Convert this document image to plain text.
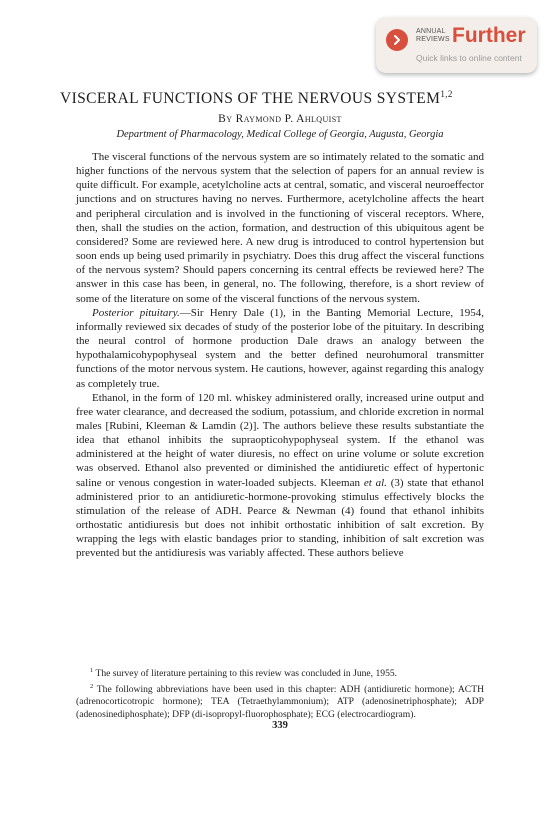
ANNUAL
REVIEWS Further
Quick links to online content
VISCERAL FUNCTIONS OF THE NERVOUS SYSTEM$^{1,2}$
By Raymond P. Ahlquist
Department of Pharmacology, Medical College of Georgia, Augusta, Georgia

The visceral functions of the nervous system are so intimately related to the somatic and higher functions of the nervous system that the selection of papers for an annual review is quite difficult. For example, acetylcholine acts at central, somatic, and visceral neuroeffector junctions and on structures having no nerves. Furthermore, acetylcholine affects the heart and peripheral circulation and is involved in the functioning of visceral receptors. Where, then, shall the studies on the action, formation, and destruction of this ubiquitous agent be considered? Some are reviewed here. A new drug is introduced to control hypertension but soon ends up being used primarily in psychiatry. Does this drug affect the visceral functions of the nervous system? Should papers concerning its central effects be reviewed here? The answer in this case has been, in general, no. The following, therefore, is a short review of some of the literature on some of the visceral functions of the nervous system.

Posterior pituitary.—Sir Henry Dale (1), in the Banting Memorial Lecture, 1954, informally reviewed six decades of study of the posterior lobe of the pituitary. In describing the neural control of hormone production Dale draws an analogy between the hypothalamicohypophyseal system and the better defined neurohumoral transmitter functions of the motor nervous system. He cautions, however, against regarding this analogy as completely true.

Ethanol, in the form of 120 ml. whiskey administered orally, increased urine output and free water clearance, and decreased the sodium, potassium, and chloride excretion in normal males [Rubini, Kleeman & Lamdin (2)]. The authors believe these results substantiate the idea that ethanol inhibits the supraopticohypophyseal system. If the ethanol was administered at the height of water diuresis, no effect on urine volume or solute excretion was observed. Ethanol also prevented or diminished the antidiuretic effect of hypertonic saline or venous congestion in water-loaded subjects. Kleeman et al. (3) state that ethanol administered prior to an antidiuretic-hormone-provoking stimulus effectively blocks the stimulation of the release of ADH. Pearce & Newman (4) found that ethanol inhibits orthostatic antidiuresis but does not inhibit orthostatic inhibition of salt excretion. By wrapping the legs with elastic bandages prior to standing, inhibition of salt excretion was prevented but the antidiuresis was variably affected. These authors believe

$^1$ The survey of literature pertaining to this review was concluded in June, 1955.

$^2$ The following abbreviations have been used in this chapter: ADH (antidiuretic hormone); ACTH (adrenocorticotropic hormone); TEA (Tetraethylammonium); ATP (adenosinetriphosphate); ADP (adenosinediphosphate); DFP (di-isopropyl-fluorophosphate); ECG (electrocardiogram).

339
